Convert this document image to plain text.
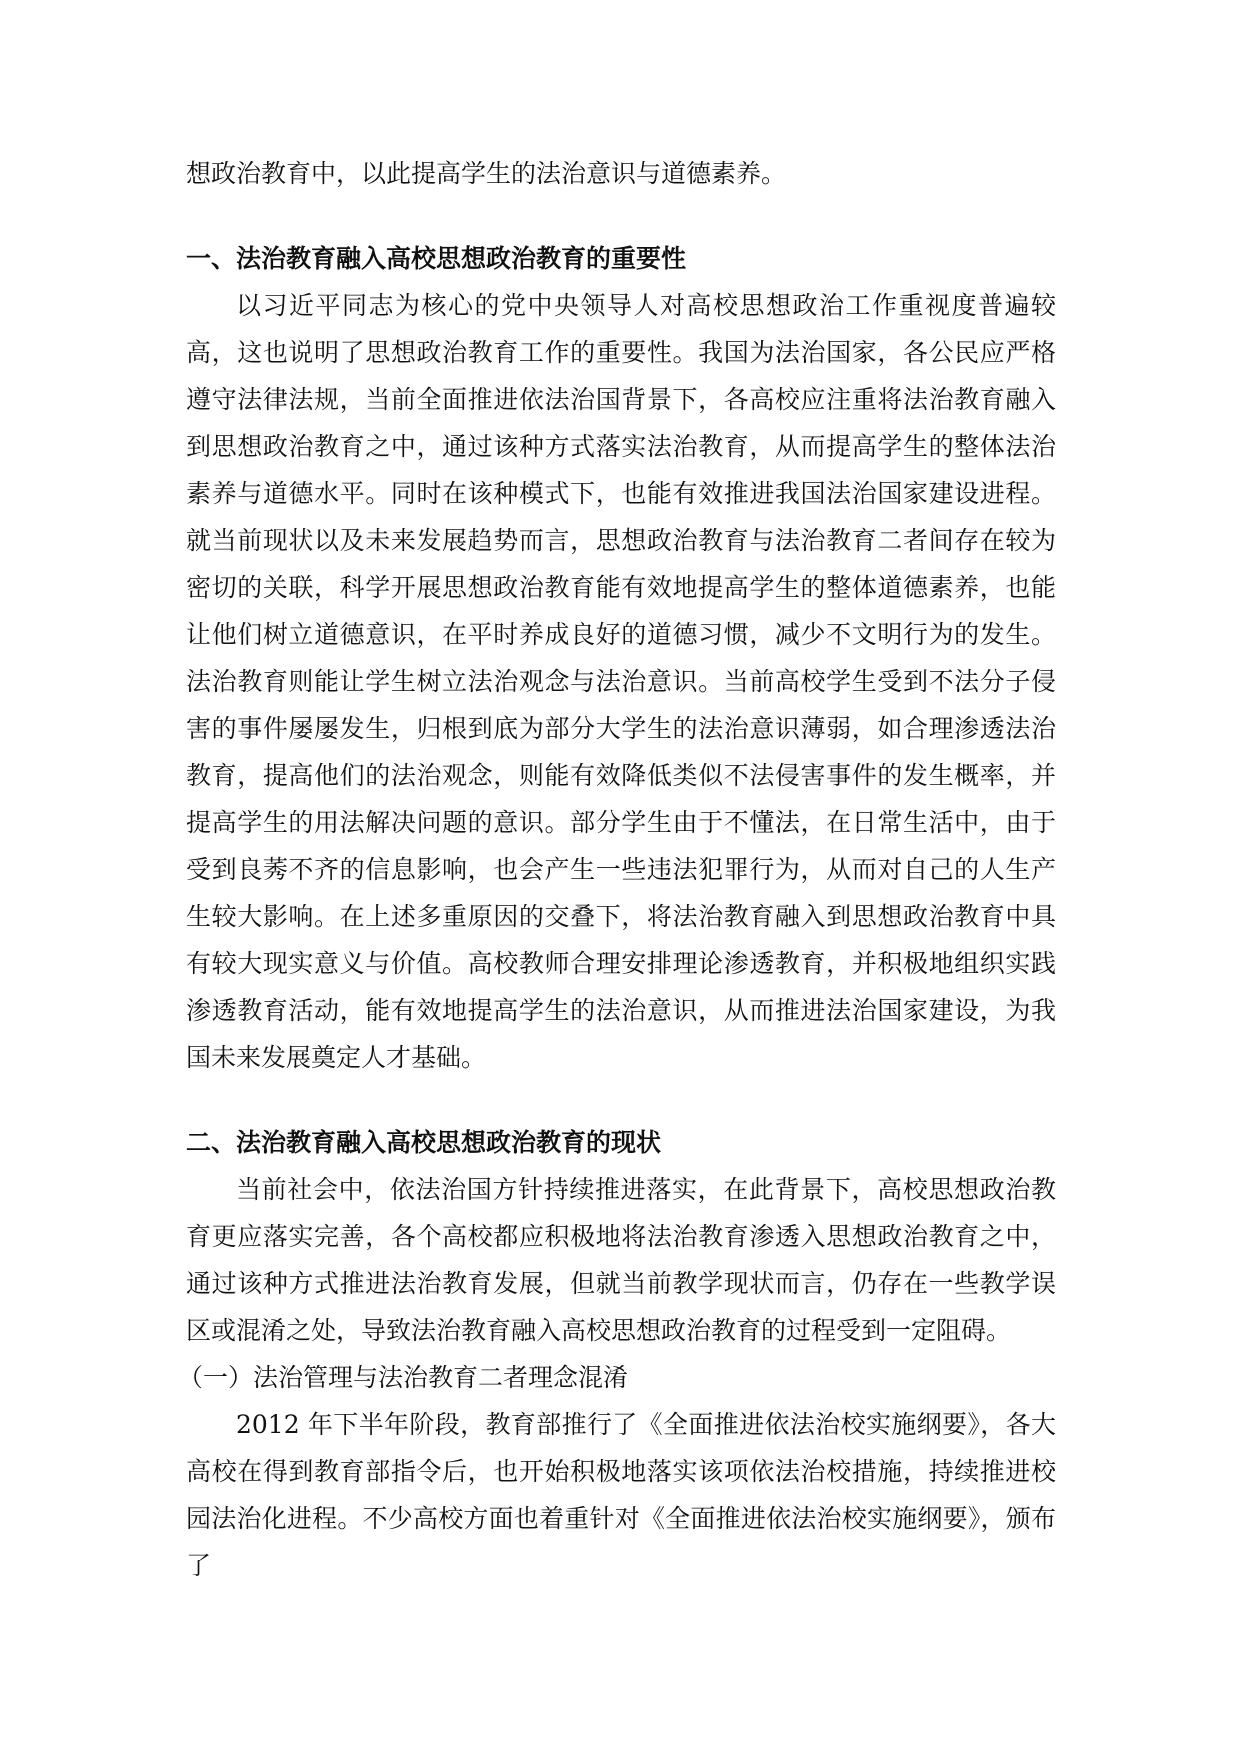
想政治教育中，以此提高学生的法治意识与道德素养。

一、法治教育融入高校思想政治教育的重要性

以习近平同志为核心的党中央领导人对高校思想政治工作重视度普遍较高，这也说明了思想政治教育工作的重要性。我国为法治国家，各公民应严格遵守法律法规，当前全面推进依法治国背景下，各高校应注重将法治教育融入到思想政治教育之中，通过该种方式落实法治教育，从而提高学生的整体法治素养与道德水平。同时在该种模式下，也能有效推进我国法治国家建设进程。就当前现状以及未来发展趋势而言，思想政治教育与法治教育二者间存在较为密切的关联，科学开展思想政治教育能有效地提高学生的整体道德素养，也能让他们树立道德意识，在平时养成良好的道德习惯，减少不文明行为的发生。法治教育则能让学生树立法治观念与法治意识。当前高校学生受到不法分子侵害的事件屡屡发生，归根到底为部分大学生的法治意识薄弱，如合理渗透法治教育，提高他们的法治观念，则能有效降低类似不法侵害事件的发生概率，并提高学生的用法解决问题的意识。部分学生由于不懂法，在日常生活中，由于受到良莠不齐的信息影响，也会产生一些违法犯罪行为，从而对自己的人生产生较大影响。在上述多重原因的交叠下，将法治教育融入到思想政治教育中具有较大现实意义与价值。高校教师合理安排理论渗透教育，并积极地组织实践渗透教育活动，能有效地提高学生的法治意识，从而推进法治国家建设，为我国未来发展奠定人才基础。

二、法治教育融入高校思想政治教育的现状

当前社会中，依法治国方针持续推进落实，在此背景下，高校思想政治教育更应落实完善，各个高校都应积极地将法治教育渗透入思想政治教育之中，通过该种方式推进法治教育发展，但就当前教学现状而言，仍存在一些教学误区或混淆之处，导致法治教育融入高校思想政治教育的过程受到一定阻碍。

（一）法治管理与法治教育二者理念混淆

2012 年下半年阶段，教育部推行了《全面推进依法治校实施纲要》，各大高校在得到教育部指令后，也开始积极地落实该项依法治校措施，持续推进校园法治化进程。不少高校方面也着重针对《全面推进依法治校实施纲要》，颁布了
